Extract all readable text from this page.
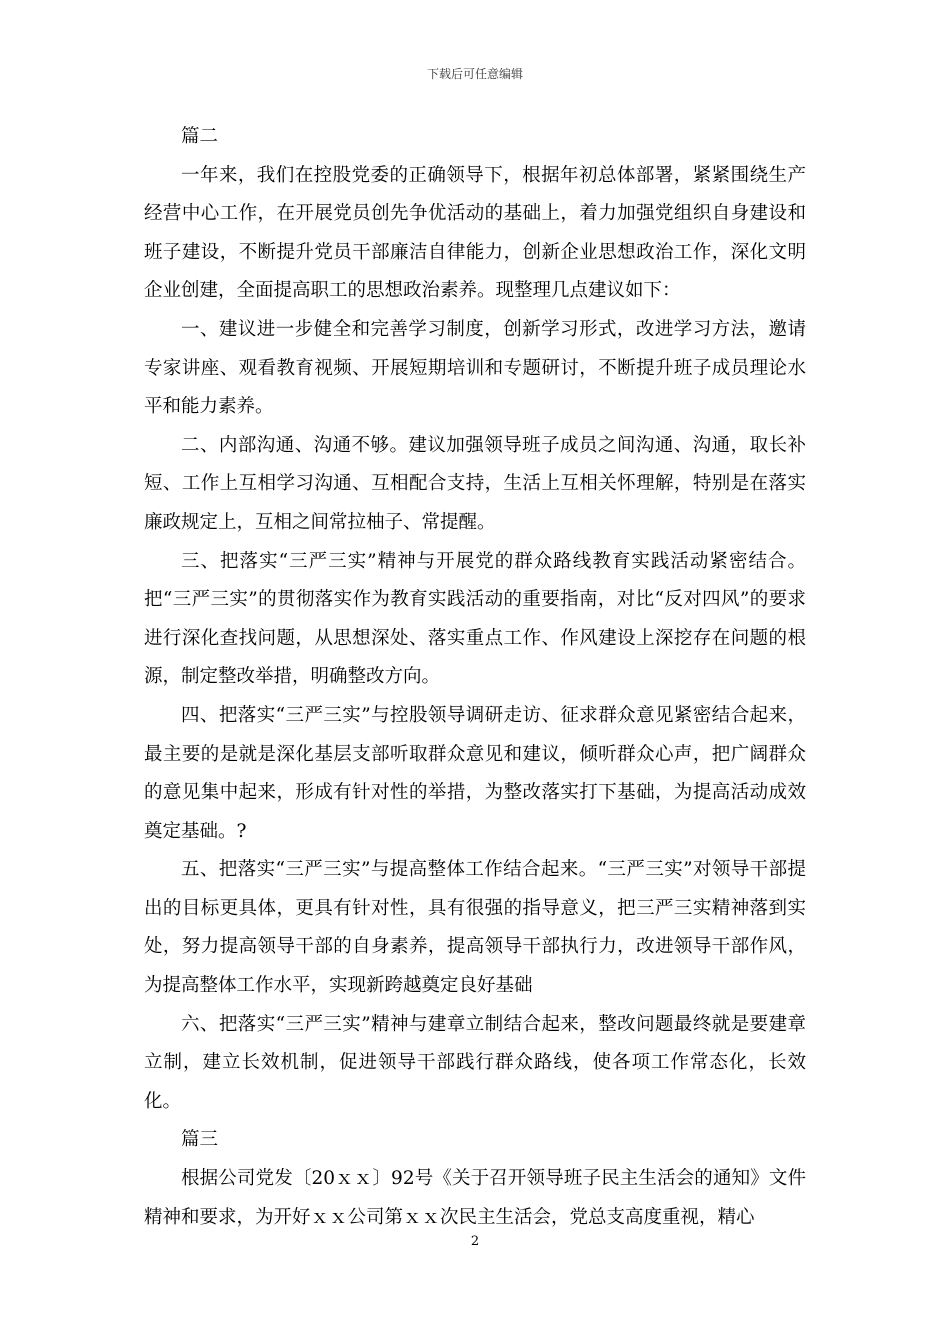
下载后可任意编辑

篇二

一年来，我们在控股党委的正确领导下，根据年初总体部署，紧紧围绕生产经营中心工作，在开展党员创先争优活动的基础上，着力加强党组织自身建设和班子建设，不断提升党员干部廉洁自律能力，创新企业思想政治工作，深化文明企业创建，全面提高职工的思想政治素养。现整理几点建议如下：

一、建议进一步健全和完善学习制度，创新学习形式，改进学习方法，邀请专家讲座、观看教育视频、开展短期培训和专题研讨，不断提升班子成员理论水平和能力素养。

二、内部沟通、沟通不够。建议加强领导班子成员之间沟通、沟通，取长补短、工作上互相学习沟通、互相配合支持，生活上互相关怀理解，特别是在落实廉政规定上，互相之间常拉柚子、常提醒。

三、把落实“三严三实”精神与开展党的群众路线教育实践活动紧密结合。把“三严三实”的贯彻落实作为教育实践活动的重要指南，对比“反对四风”的要求进行深化查找问题，从思想深处、落实重点工作、作风建设上深挖存在问题的根源，制定整改举措，明确整改方向。

四、把落实“三严三实”与控股领导调研走访、征求群众意见紧密结合起来，最主要的是就是深化基层支部听取群众意见和建议，倾听群众心声，把广阔群众的意见集中起来，形成有针对性的举措，为整改落实打下基础，为提高活动成效奠定基础。?

五、把落实“三严三实”与提高整体工作结合起来。“三严三实”对领导干部提出的目标更具体，更具有针对性，具有很强的指导意义，把三严三实精神落到实处，努力提高领导干部的自身素养，提高领导干部执行力，改进领导干部作风，为提高整体工作水平，实现新跨越奠定良好基础

六、把落实“三严三实”精神与建章立制结合起来，整改问题最终就是要建章立制，建立长效机制，促进领导干部践行群众路线，使各项工作常态化，长效化。

篇三

根据公司党发〔20ｘｘ〕92号《关于召开领导班子民主生活会的通知》文件精神和要求，为开好ｘｘ公司第ｘｘ次民主生活会，党总支高度重视，精心

2
